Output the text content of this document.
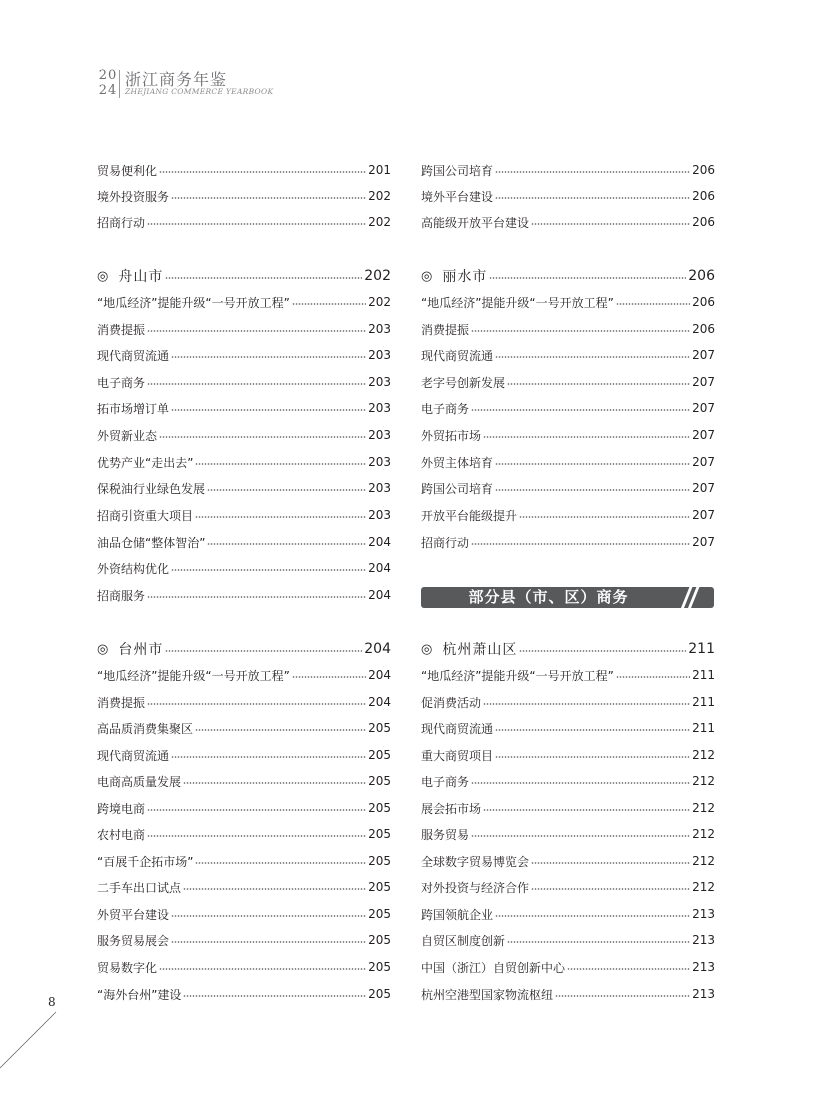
20
24
浙江商务年鉴
ZHEJIANG COMMERCE YEARBOOK
贸易便利化	201
境外投资服务	202
招商行动	202
◎ 舟山市	202
“地瓜经济”提能升级“一号开放工程”	202
消费提振	203
现代商贸流通	203
电子商务	203
拓市场增订单	203
外贸新业态	203
优势产业“走出去”	203
保税油行业绿色发展	203
招商引资重大项目	203
油品仓储“整体智治”	204
外资结构优化	204
招商服务	204
◎ 台州市	204
“地瓜经济”提能升级“一号开放工程”	204
消费提振	204
高品质消费集聚区	205
现代商贸流通	205
电商高质量发展	205
跨境电商	205
农村电商	205
“百展千企拓市场”	205
二手车出口试点	205
外贸平台建设	205
服务贸易展会	205
贸易数字化	205
“海外台州”建设	205
跨国公司培育	206
境外平台建设	206
高能级开放平台建设	206
◎ 丽水市	206
“地瓜经济”提能升级“一号开放工程”	206
消费提振	206
现代商贸流通	207
老字号创新发展	207
电子商务	207
外贸拓市场	207
外贸主体培育	207
跨国公司培育	207
开放平台能级提升	207
招商行动	207
◎ 杭州萧山区	211
“地瓜经济”提能升级“一号开放工程”	211
促消费活动	211
现代商贸流通	211
重大商贸项目	212
电子商务	212
展会拓市场	212
服务贸易	212
全球数字贸易博览会	212
对外投资与经济合作	212
跨国领航企业	213
自贸区制度创新	213
中国（浙江）自贸创新中心	213
杭州空港型国家物流枢纽	213
部分县（市、区）商务
8
